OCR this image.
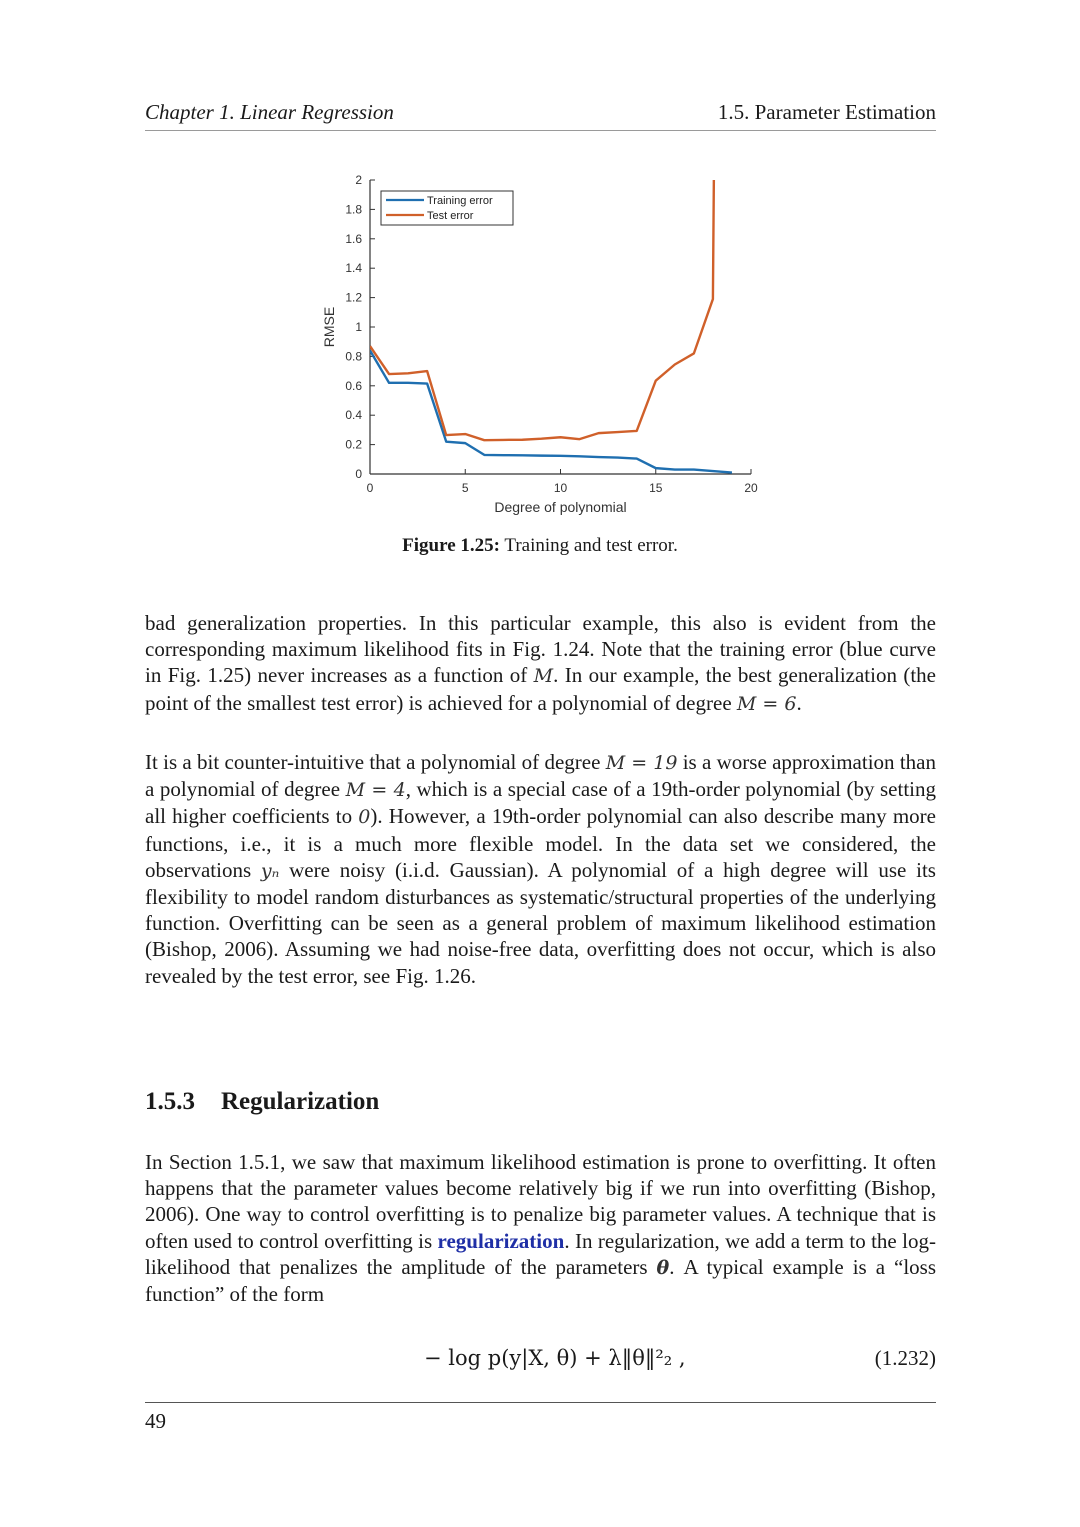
Chapter 1. Linear Regression	1.5. Parameter Estimation
0	5	10	15	20
0
0.2
0.4
0.6
0.8
1
1.2
1.4
1.6
1.8
2
Degree of polynomial
RMSE
Training error
Test error
Figure 1.25: Training and test error.
bad generalization properties. In this particular example, this also is evident from the corresponding maximum likelihood fits in Fig. 1.24. Note that the training error (blue curve in Fig. 1.25) never increases as a function of M. In our example, the best generalization (the point of the smallest test error) is achieved for a polynomial of degree M = 6.
It is a bit counter-intuitive that a polynomial of degree M = 19 is a worse approximation than a polynomial of degree M = 4, which is a special case of a 19th-order polynomial (by setting all higher coefficients to 0). However, a 19th-order polynomial can also describe many more functions, i.e., it is a much more flexible model. In the data set we considered, the observations yₙ were noisy (i.i.d. Gaussian). A polynomial of a high degree will use its flexibility to model random disturbances as systematic/structural properties of the underlying function. Overfitting can be seen as a general problem of maximum likelihood estimation (Bishop, 2006). Assuming we had noise-free data, overfitting does not occur, which is also revealed by the test error, see Fig. 1.26.
1.5.3 Regularization
In Section 1.5.1, we saw that maximum likelihood estimation is prone to overfitting. It often happens that the parameter values become relatively big if we run into overfitting (Bishop, 2006). One way to control overfitting is to penalize big parameter values. A technique that is often used to control overfitting is regularization. In regularization, we add a term to the log-likelihood that penalizes the amplitude of the parameters θ. A typical example is a “loss function” of the form
− log p(y|X, θ) + λ‖θ‖²₂ ,	(1.232)
49
